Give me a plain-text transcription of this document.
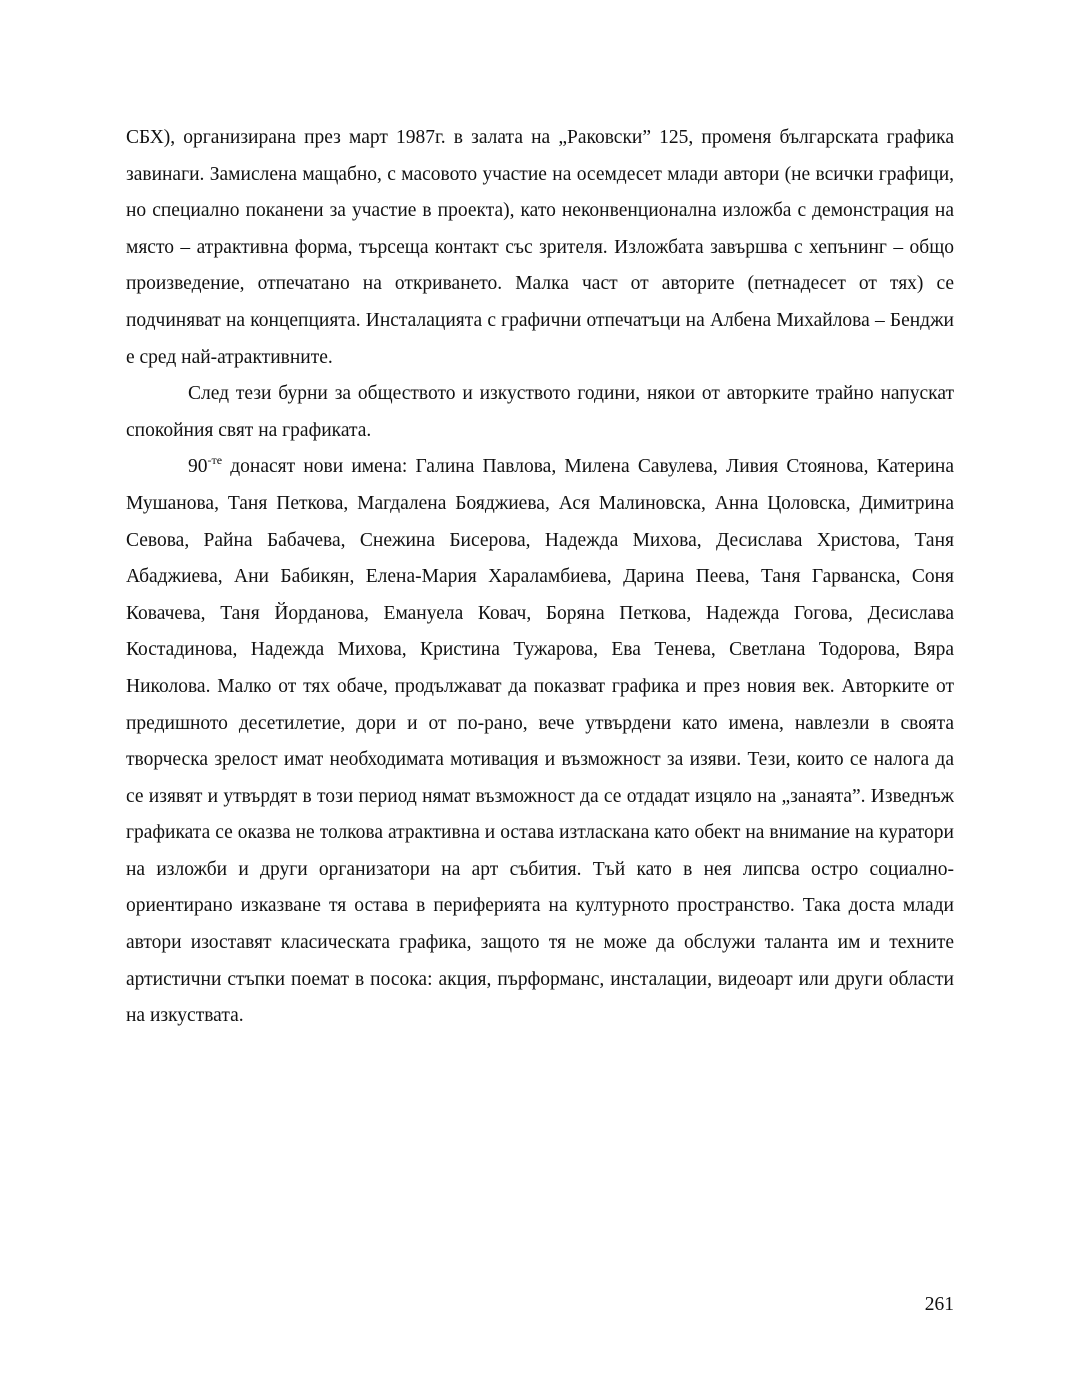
СБХ), организирана през март 1987г. в залата на „Раковски” 125, променя българската графика завинаги. Замислена мащабно, с масовото участие на осемдесет млади автори (не всички графици, но специално поканени за участие в проекта), като неконвенционална изложба с демонстрация на място – атрактивна форма, търсеща контакт със зрителя. Изложбата завършва с хепънинг – общо произведение, отпечатано на откриването. Малка част от авторите (петнадесет от тях) се подчиняват на концепцията. Инсталацията с графични отпечатъци на Албена Михайлова – Бенджи е сред най-атрактивните.

След тези бурни за обществото и изкуството години, някои от авторките трайно напускат спокойния свят на графиката.

$90^{-те}$ донасят нови имена: Галина Павлова, Милена Савулева, Ливия Стоянова, Катерина Мушанова, Таня Петкова, Магдалена Бояджиева, Ася Малиновска, Анна Цоловска, Димитрина Севова, Райна Бабачева, Снежина Бисерова, Надежда Михова, Десислава Христова, Таня Абаджиева, Ани Бабикян, Елена-Мария Хараламбиева, Дарина Пеева, Таня Гарванска, Соня Ковачева, Таня Йорданова, Емануела Ковач, Боряна Петкова, Надежда Гогова, Десислава Костадинова, Надежда Михова, Кристина Тужарова, Ева Тенева, Светлана Тодорова, Вяра Николова. Малко от тях обаче, продължават да показват графика и през новия век. Авторките от предишното десетилетие, дори и от по-рано, вече утвърдени като имена, навлезли в своята творческа зрелост имат необходимата мотивация и възможност за изяви. Тези, които се налога да се изявят и утвърдят в този период нямат възможност да се отдадат изцяло на „занаята”. Изведнъж графиката се оказва не толкова атрактивна и остава изтласкана като обект на внимание на куратори на изложби и други организатори на арт събития. Тъй като в нея липсва остро социално-ориентирано изказване тя остава в периферията на културното пространство. Така доста млади автори изоставят класическата графика, защото тя не може да обслужи таланта им и техните артистични стъпки поемат в посока: акция, пърформанс, инсталации, видеоарт или други области на изкуствата.

261
